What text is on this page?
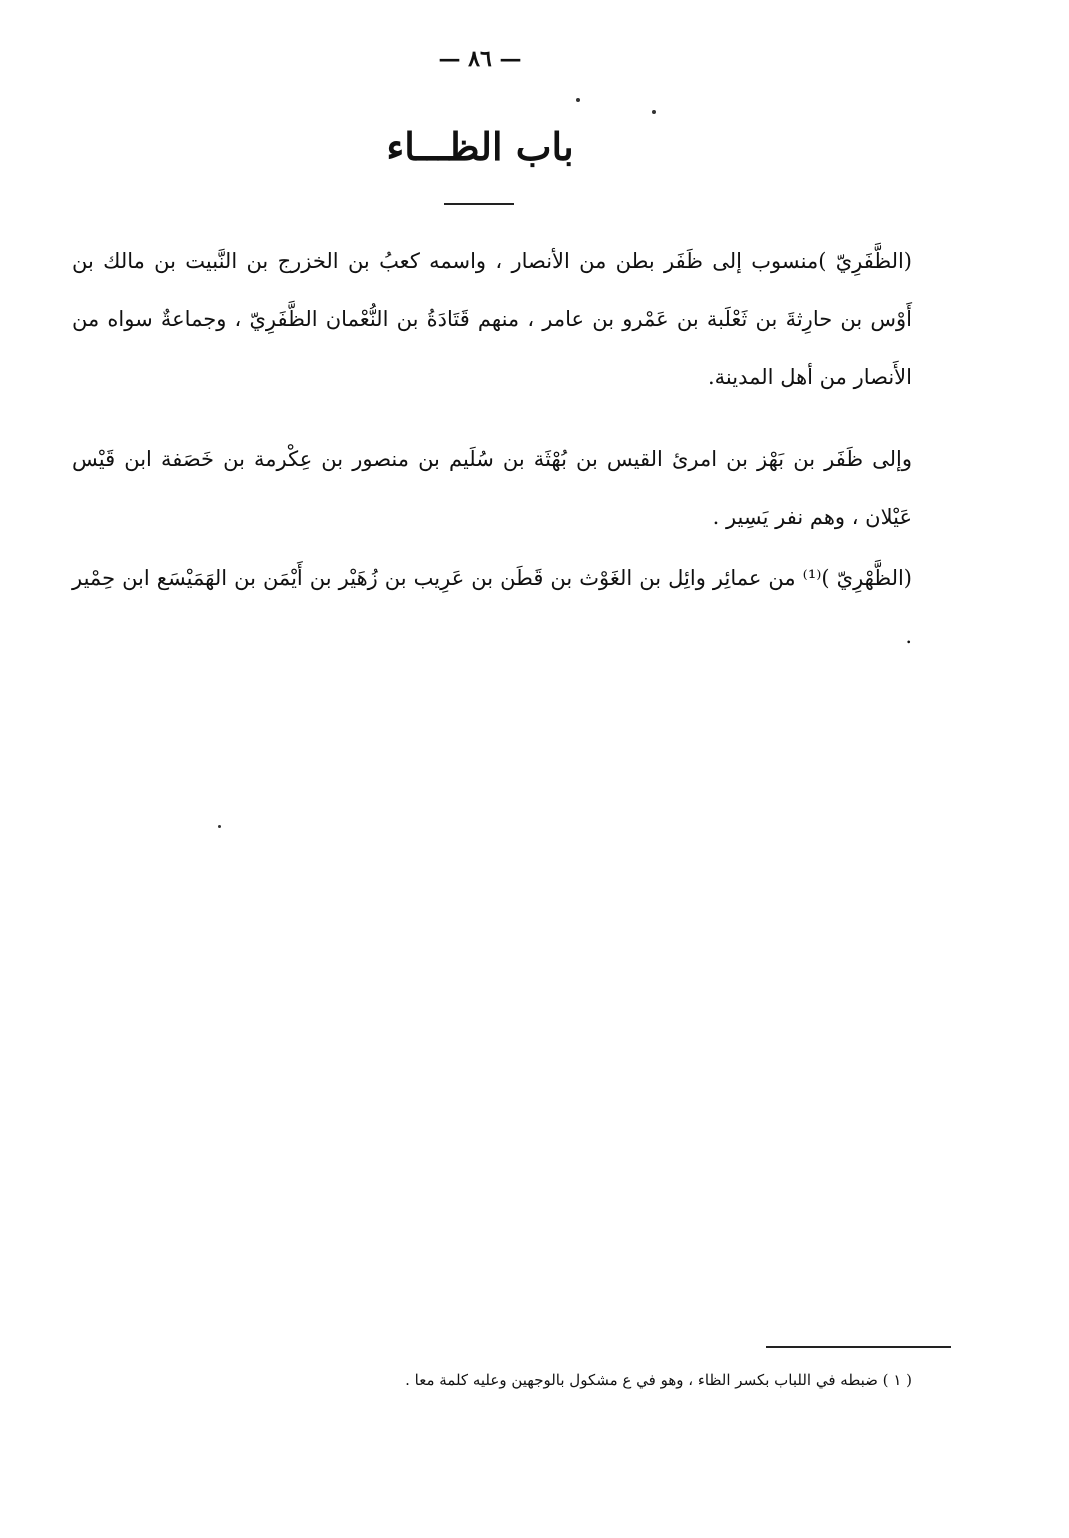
— ٨٦ —
باب الظـــاء
(الظَّفَرِيّ )منسوب إلى ظَفَر بطن من الأنصار ، واسمه كعبُ بن الخزرج بن النَّبيت بن مالك بن أَوْس بن حارِثةَ بن ثَعْلَبة بن عَمْرو بن عامر ، منهم قَتَادَةُ بن النُّعْمان الظَّفَرِيّ ، وجماعةٌ سواه من الأَنصار من أهل المدينة.
وإلى ظَفَر بن بَهْز بن امرئ القيس بن بُهْثَة بن سُلَيم بن منصور بن عِكْرمة بن خَصَفة ابن قَيْس عَيْلان ، وهم نفر يَسِير .
(الظَّهْرِيّ )⁽¹⁾ من عمائِر وائِل بن الغَوْث بن قَطَن بن عَرِيب بن زُهَيْر بن أَيْمَن بن الهَمَيْسَع ابن حِمْير .
( ١ ) ضبطه في اللباب بكسر الظاء ، وهو في ع مشكول بالوجهين وعليه كلمة معا .
